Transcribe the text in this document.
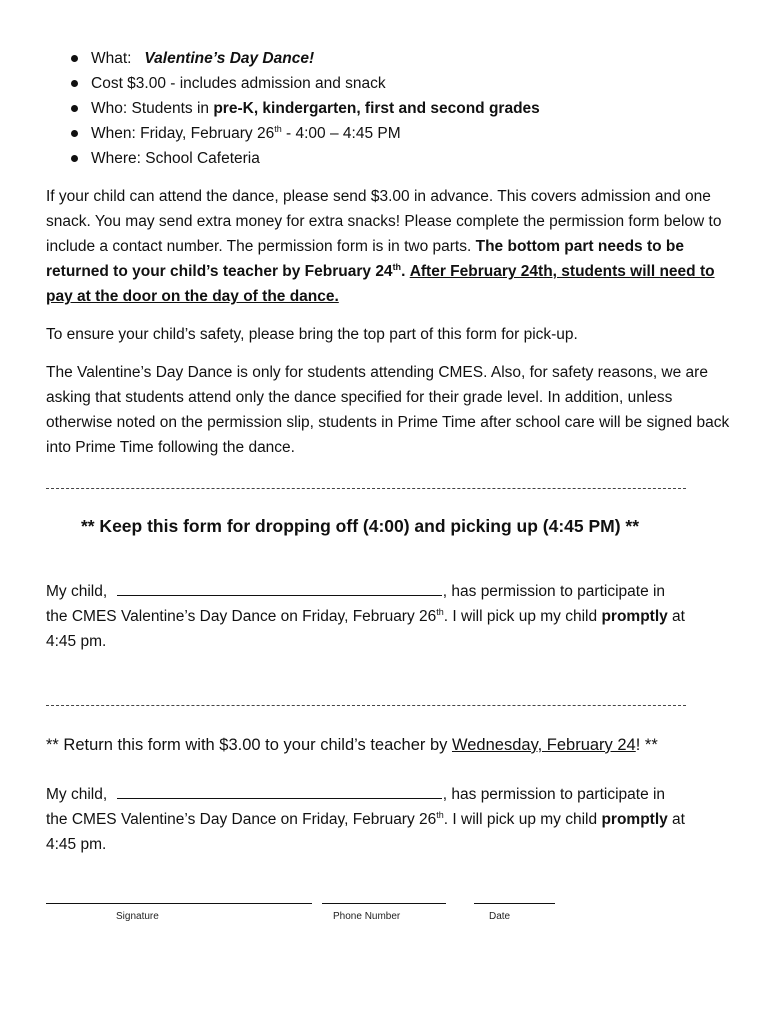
What: Valentine’s Day Dance!
Cost $3.00 - includes admission and snack
Who: Students in pre-K, kindergarten, first and second grades
When: Friday, February 26th - 4:00 – 4:45 PM
Where: School Cafeteria

If your child can attend the dance, please send $3.00 in advance. This covers admission and one snack. You may send extra money for extra snacks! Please complete the permission form below to include a contact number. The permission form is in two parts. The bottom part needs to be returned to your child’s teacher by February 24th. After February 24th, students will need to pay at the door on the day of the dance.

To ensure your child’s safety, please bring the top part of this form for pick-up.

The Valentine’s Day Dance is only for students attending CMES. Also, for safety reasons, we are asking that students attend only the dance specified for their grade level. In addition, unless otherwise noted on the permission slip, students in Prime Time after school care will be signed back into Prime Time following the dance.

** Keep this form for dropping off (4:00) and picking up (4:45 PM) **
My child,	, has permission to participate in
the CMES Valentine’s Day Dance on Friday, February 26th. I will pick up my child promptly at
4:45 pm.
** Return this form with $3.00 to your child’s teacher by Wednesday, February 24! **
My child,	, has permission to participate in
the CMES Valentine’s Day Dance on Friday, February 26th. I will pick up my child promptly at
4:45 pm.
Signature	Phone Number	Date
